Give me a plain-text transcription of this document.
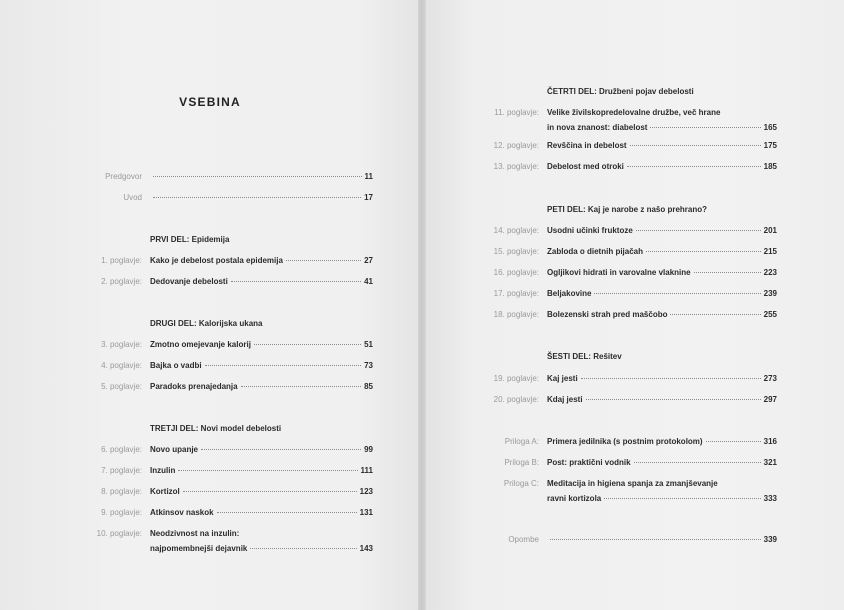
VSEBINA
Predgovor	11
Uvod	17
PRVI DEL: Epidemija
1. poglavje: Kako je debelost postala epidemija	27
2. poglavje: Dedovanje debelosti	41
DRUGI DEL: Kalorijska ukana
3. poglavje: Zmotno omejevanje kalorij	51
4. poglavje: Bajka o vadbi	73
5. poglavje: Paradoks prenajedanja	85
TRETJI DEL: Novi model debelosti
6. poglavje: Novo upanje	99
7. poglavje: Inzulin	111
8. poglavje: Kortizol	123
9. poglavje: Atkinsov naskok	131
10. poglavje: Neodzivnost na inzulin:
najpomembnejši dejavnik	143
ČETRTI DEL: Družbeni pojav debelosti
11. poglavje: Velike živilskopredelovalne družbe, več hrane
in nova znanost: diabelost	165
12. poglavje: Revščina in debelost	175
13. poglavje: Debelost med otroki	185
PETI DEL: Kaj je narobe z našo prehrano?
14. poglavje: Usodni učinki fruktoze	201
15. poglavje: Zabloda o dietnih pijačah	215
16. poglavje: Ogljikovi hidrati in varovalne vlaknine	223
17. poglavje: Beljakovine	239
18. poglavje: Bolezenski strah pred maščobo	255
ŠESTI DEL: Rešitev
19. poglavje: Kaj jesti	273
20. poglavje: Kdaj jesti	297
Priloga A: Primera jedilnika (s postnim protokolom)	316
Priloga B: Post: praktični vodnik	321
Priloga C: Meditacija in higiena spanja za zmanjševanje
ravni kortizola	333
Opombe	339
